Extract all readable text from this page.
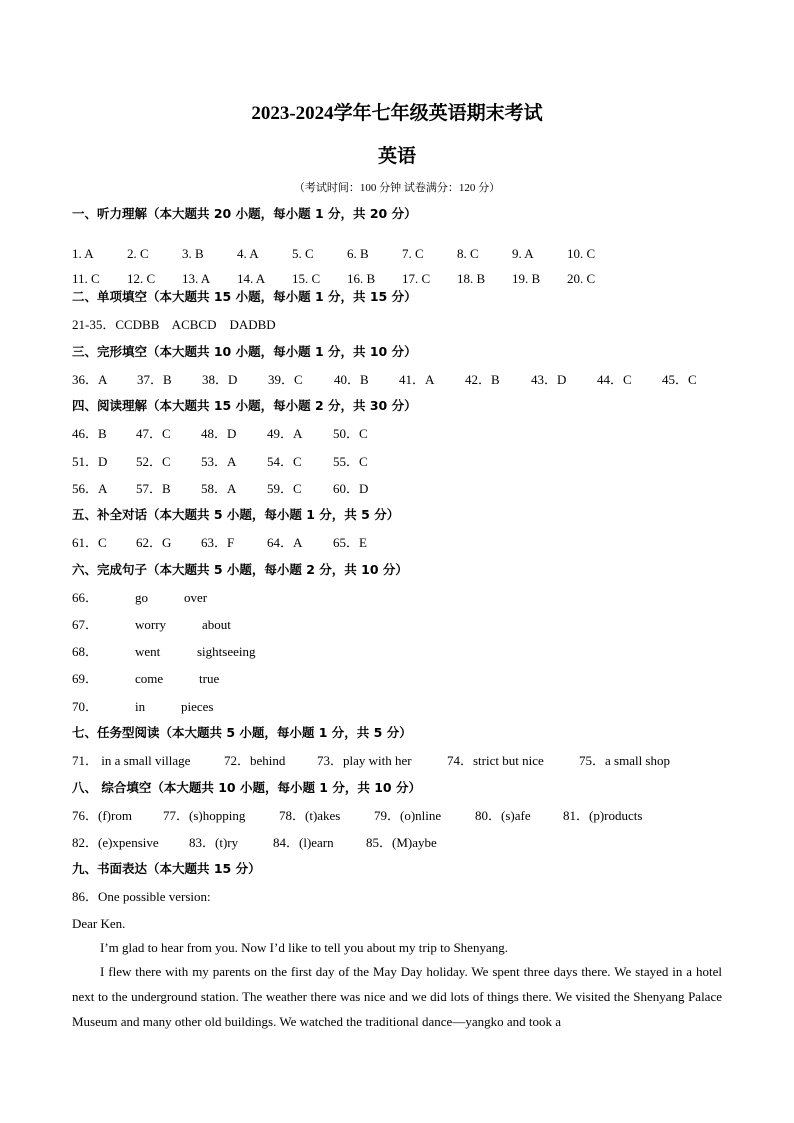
2023-2024学年七年级英语期末考试
英语
（考试时间：100 分钟 试卷满分：120 分）
一、听力理解（本大题共 20 小题，每小题 1 分，共 20 分）
1. A	2. C	3. B	4. A	5. C	6. B	7. C	8. C	9. A	10. C
11. C 12. C 13. A 14. A 15. C 16. B 17. C 18. B 19. B 20. C
二、单项填空（本大题共 15 小题，每小题 1 分，共 15 分）
21-35．CCDBB    ACBCD    DADBD
三、完形填空（本大题共 10 小题，每小题 1 分，共 10 分）
36．A 37．B 38．D 39．C 40．B 41．A 42．B 43．D 44．C 45．C
四、阅读理解（本大题共 15 小题，每小题 2 分，共 30 分）
46．B 47．C 48．D 49．A 50．C
51．D 52．C 53．A 54．C 55．C
56．A 57．B 58．A 59．C 60．D
五、补全对话（本大题共 5 小题，每小题 1 分，共 5 分）
61．C 62．G 63．F	64．A 65．E
六、完成句子（本大题共 5 小题，每小题 2 分，共 10 分）
66．	go	over
67．	worry	about
68．	went	sightseeing
69．	come	true
70．	in	pieces
七、任务型阅读（本大题共 5 小题，每小题 1 分，共 5 分）
71． in a small village	72．behind 73．play with her	74．strict but nice	75．a small shop
八、 综合填空（本大题共 10 小题，每小题 1 分，共 10 分）
76．(f)rom 77．(s)hopping	78．(t)akes	79．(o)nline	80．(s)afe 81．(p)roducts
82．(e)xpensive 83．(t)ry	84．(l)earn 85．(M)aybe
九、书面表达（本大题共 15 分）
86．One possible version:
Dear Ken.
I’m glad to hear from you. Now I’d like to tell you about my trip to Shenyang.
I flew there with my parents on the first day of the May Day holiday. We spent three days there. We stayed in a hotel next to the underground station. The weather there was nice and we did lots of things there. We visited the Shenyang Palace Museum and many other old buildings. We watched the traditional dance—yangko and took a
